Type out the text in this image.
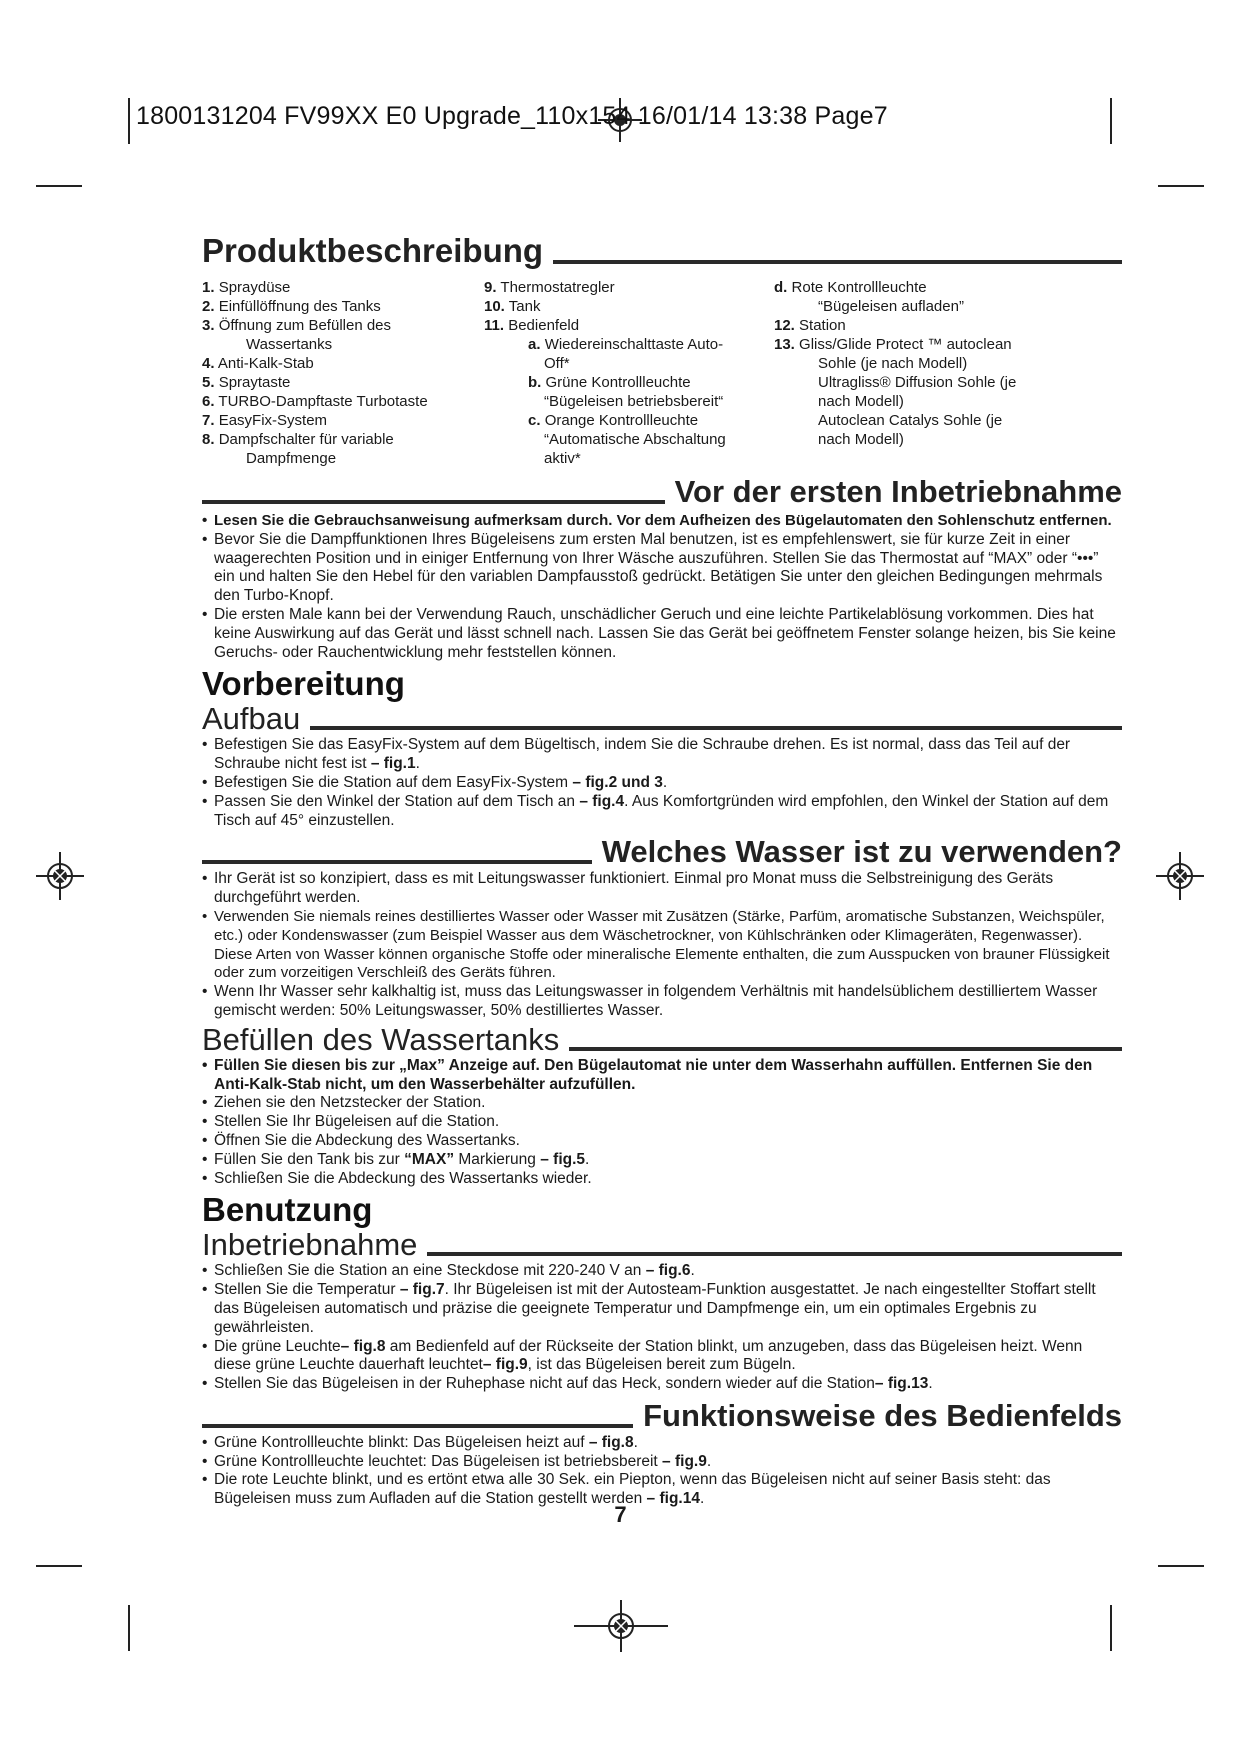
1800131204 FV99XX E0 Upgrade_110x154 16/01/14 13:38 Page7
Produktbeschreibung
1. Spraydüse
2. Einfüllöffnung des Tanks
3. Öffnung zum Befüllen des
Wassertanks
4. Anti-Kalk-Stab
5. Spraytaste
6. TURBO-Dampftaste Turbotaste
7. EasyFix-System
8. Dampfschalter für variable
Dampfmenge
9. Thermostatregler
10. Tank
11. Bedienfeld
a. Wiedereinschalttaste Auto-
Off*
b. Grüne Kontrollleuchte
“Bügeleisen betriebsbereit“
c. Orange Kontrollleuchte
“Automatische Abschaltung
aktiv*
d. Rote Kontrollleuchte
“Bügeleisen aufladen”
12. Station
13. Gliss/Glide Protect ™ autoclean
Sohle (je nach Modell)
Ultragliss® Diffusion Sohle (je
nach Modell)
Autoclean Catalys Sohle (je
nach Modell)
Vor der ersten Inbetriebnahme
• Lesen Sie die Gebrauchsanweisung aufmerksam durch. Vor dem Aufheizen des Bügelautomaten den Sohlenschutz entfernen.
• Bevor Sie die Dampffunktionen Ihres Bügeleisens zum ersten Mal benutzen, ist es empfehlenswert, sie für kurze Zeit in einer waagerechten Position und in einiger Entfernung von Ihrer Wäsche auszuführen. Stellen Sie das Thermostat auf “MAX” oder “•••” ein und halten Sie den Hebel für den variablen Dampfausstoß gedrückt. Betätigen Sie unter den gleichen Bedingungen mehrmals den Turbo-Knopf.
• Die ersten Male kann bei der Verwendung Rauch, unschädlicher Geruch und eine leichte Partikelablösung vorkommen. Dies hat keine Auswirkung auf das Gerät und lässt schnell nach. Lassen Sie das Gerät bei geöffnetem Fenster solange heizen, bis Sie keine Geruchs- oder Rauchentwicklung mehr feststellen können.
Vorbereitung
Aufbau
• Befestigen Sie das EasyFix-System auf dem Bügeltisch, indem Sie die Schraube drehen. Es ist normal, dass das Teil auf der Schraube nicht fest ist – fig.1.
• Befestigen Sie die Station auf dem EasyFix-System – fig.2 und 3.
• Passen Sie den Winkel der Station auf dem Tisch an – fig.4. Aus Komfortgründen wird empfohlen, den Winkel der Station auf dem Tisch auf 45° einzustellen.
Welches Wasser ist zu verwenden?
• Ihr Gerät ist so konzipiert, dass es mit Leitungswasser funktioniert. Einmal pro Monat muss die Selbstreinigung des Geräts durchgeführt werden.
• Verwenden Sie niemals reines destilliertes Wasser oder Wasser mit Zusätzen (Stärke, Parfüm, aromatische Substanzen, Weichspüler, etc.) oder Kondenswasser (zum Beispiel Wasser aus dem Wäschetrockner, von Kühlschränken oder Klimageräten, Regenwasser). Diese Arten von Wasser können organische Stoffe oder mineralische Elemente enthalten, die zum Ausspucken von brauner Flüssigkeit oder zum vorzeitigen Verschleiß des Geräts führen.
• Wenn Ihr Wasser sehr kalkhaltig ist, muss das Leitungswasser in folgendem Verhältnis mit handelsüblichem destilliertem Wasser gemischt werden: 50% Leitungswasser, 50% destilliertes Wasser.
Befüllen des Wassertanks
• Füllen Sie diesen bis zur „Max” Anzeige auf. Den Bügelautomat nie unter dem Wasserhahn auffüllen. Entfernen Sie den Anti-Kalk-Stab nicht, um den Wasserbehälter aufzufüllen.
• Ziehen sie den Netzstecker der Station.
• Stellen Sie Ihr Bügeleisen auf die Station.
• Öffnen Sie die Abdeckung des Wassertanks.
• Füllen Sie den Tank bis zur “MAX” Markierung – fig.5.
• Schließen Sie die Abdeckung des Wassertanks wieder.
Benutzung
Inbetriebnahme
• Schließen Sie die Station an eine Steckdose mit 220-240 V an – fig.6.
• Stellen Sie die Temperatur – fig.7. Ihr Bügeleisen ist mit der Autosteam-Funktion ausgestattet. Je nach eingestellter Stoffart stellt das Bügeleisen automatisch und präzise die geeignete Temperatur und Dampfmenge ein, um ein optimales Ergebnis zu gewährleisten.
• Die grüne Leuchte– fig.8 am Bedienfeld auf der Rückseite der Station blinkt, um anzugeben, dass das Bügeleisen heizt. Wenn diese grüne Leuchte dauerhaft leuchtet– fig.9, ist das Bügeleisen bereit zum Bügeln.
• Stellen Sie das Bügeleisen in der Ruhephase nicht auf das Heck, sondern wieder auf die Station– fig.13.
Funktionsweise des Bedienfelds
• Grüne Kontrollleuchte blinkt: Das Bügeleisen heizt auf – fig.8.
• Grüne Kontrollleuchte leuchtet: Das Bügeleisen ist betriebsbereit – fig.9.
• Die rote Leuchte blinkt, und es ertönt etwa alle 30 Sek. ein Piepton, wenn das Bügeleisen nicht auf seiner Basis steht: das Bügeleisen muss zum Aufladen auf die Station gestellt werden – fig.14.
7
